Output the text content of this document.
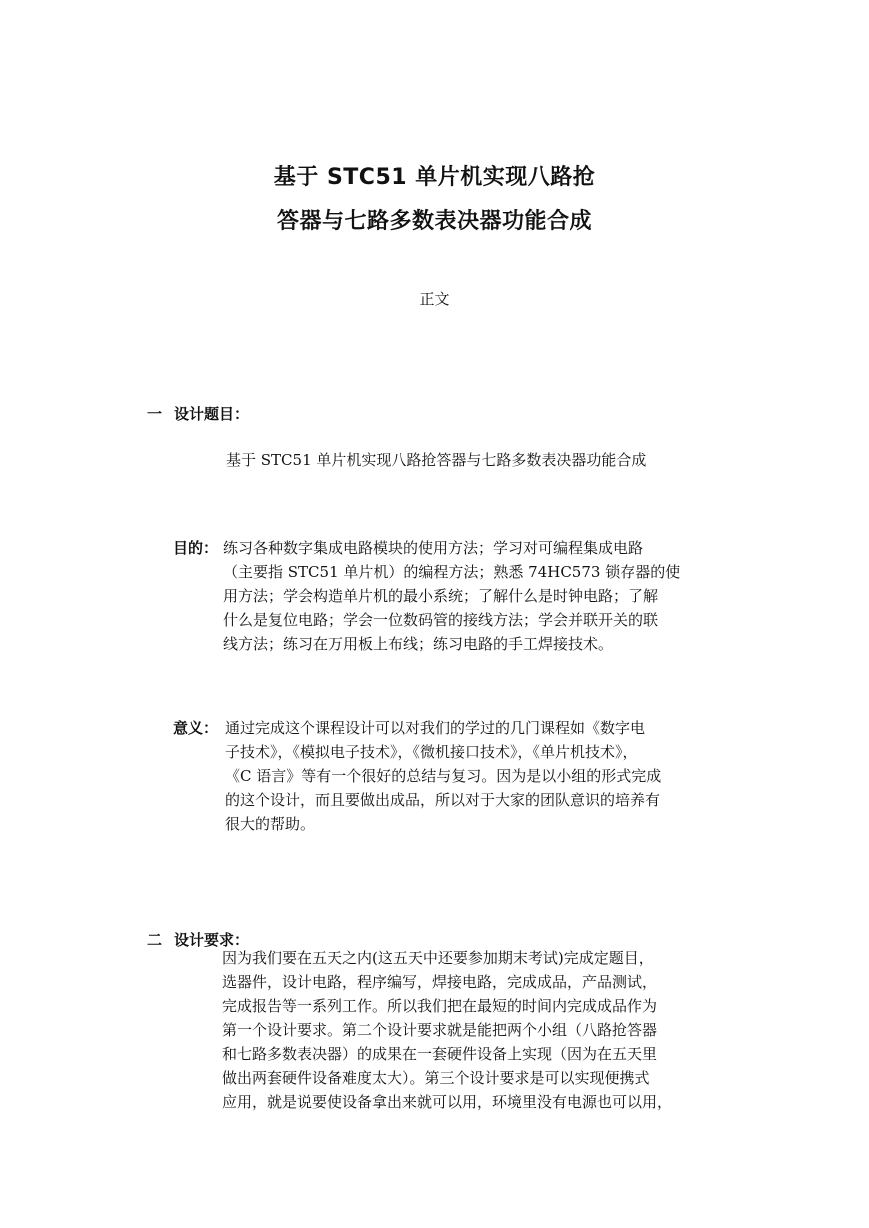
基于 STC51 单片机实现八路抢
答器与七路多数表决器功能合成
正文
一 设计题目：
基于 STC51 单片机实现八路抢答器与七路多数表决器功能合成
目的： 练习各种数字集成电路模块的使用方法；学习对可编程集成电路
（主要指 STC51 单片机）的编程方法；熟悉 74HC573 锁存器的使
用方法；学会构造单片机的最小系统；了解什么是时钟电路；了解
什么是复位电路；学会一位数码管的接线方法；学会并联开关的联
线方法；练习在万用板上布线；练习电路的手工焊接技术。
意义： 通过完成这个课程设计可以对我们的学过的几门课程如《数字电
子技术》，《模拟电子技术》，《微机接口技术》，《单片机技术》，
《C 语言》等有一个很好的总结与复习。因为是以小组的形式完成
的这个设计，而且要做出成品，所以对于大家的团队意识的培养有
很大的帮助。
二 设计要求：
因为我们要在五天之内(这五天中还要参加期末考试)完成定题目，
选器件，设计电路，程序编写，焊接电路，完成成品，产品测试，
完成报告等一系列工作。所以我们把在最短的时间内完成成品作为
第一个设计要求。第二个设计要求就是能把两个小组（八路抢答器
和七路多数表决器）的成果在一套硬件设备上实现（因为在五天里
做出两套硬件设备难度太大）。第三个设计要求是可以实现便携式
应用，就是说要使设备拿出来就可以用，环境里没有电源也可以用，
